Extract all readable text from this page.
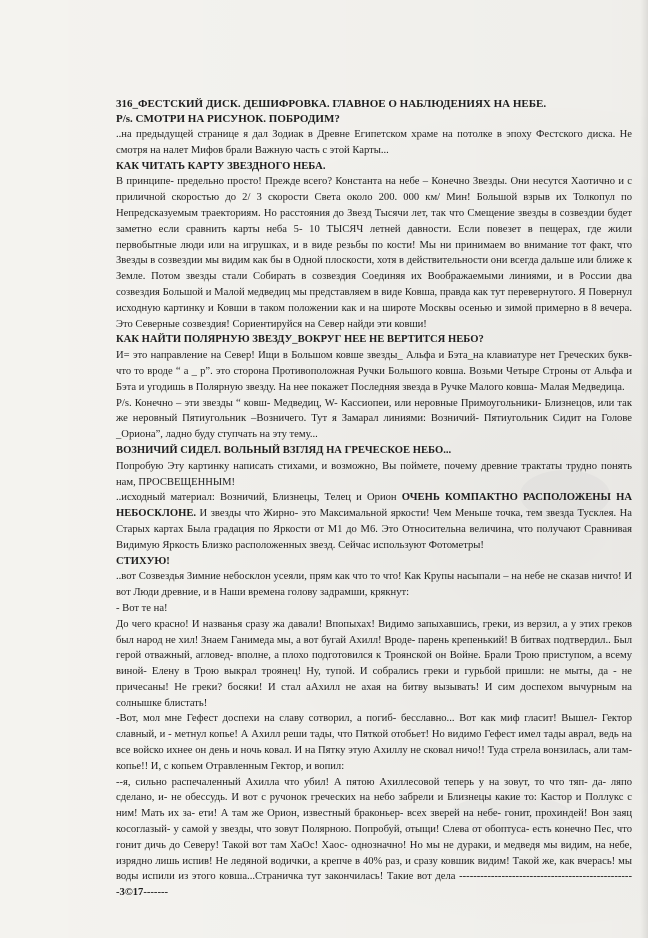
316_ФЕСТСКИЙ ДИСК. ДЕШИФРОВКА. ГЛАВНОЕ О НАБЛЮДЕНИЯХ НА НЕБЕ.
P/s. СМОТРИ НА РИСУНОК. ПОБРОДИМ?
..на предыдущей странице я дал Зодиак в Древне Египетском храме на потолке в эпоху Фестского диска. Не смотря на налет Мифов брали Важную часть с этой Карты...
КАК ЧИТАТЬ КАРТУ ЗВЕЗДНОГО НЕБА.
В принципе- предельно просто! Прежде всего? Константа на небе – Конечно Звезды. Они несутся Хаотично и с приличной скоростью до 2/ 3 скорости Света около 200. 000 км/ Мин! Большой взрыв их Толкопул по Непредсказуемым траекториям. Но расстояния до Звезд Тысячи лет, так что Смещение звезды в созвездии будет заметно если сравнить карты неба 5- 10 ТЫСЯЧ летней давности. Если повезет в пещерах, где жили первобытные люди или на игрушках, и в виде резьбы по кости! Мы ни принимаем во внимание тот факт, что Звезды в созвездии мы видим как бы в Одной плоскости, хотя в действительности они всегда дальше или ближе к Земле. Потом звезды стали Собирать в созвездия Соединяя их Воображаемыми линиями, и в России два созвездия Большой и Малой медведиц мы представляем в виде Ковша, правда как тут перевернутого. Я Повернул исходную картинку и Ковши в таком положении как и на широте Москвы осенью и зимой примерно в 8 вечера. Это Северные созвездия! Сориентируйся на Север найди эти ковши!
КАК НАЙТИ ПОЛЯРНУЮ ЗВЕЗДУ_ВОКРУГ НЕЕ НЕ ВЕРТИТСЯ НЕБО?
И= это направление на Север! Ищи в Большом ковше звезды_ Альфа и Бэта_на клавиатуре нет Греческих букв- что то вроде “ а _ р”. это сторона Противоположная Ручки Большого ковша. Возьми Четыре Строны от Альфа и Бэта и угодишь в Полярную звезду. На нее покажет Последняя звезда в Ручке Малого ковша- Малая Медведица.
P/s. Конечно – эти звезды “ ковш- Медведиц, W- Кассиопеи, или неровные Примоугольники- Близнецов, или так же неровный Пятиугольник –Возничего. Тут я Замарал линиями: Возничий- Пятиугольник Сидит на Голове _Ориона”, ладно буду ступчать на эту тему...
ВОЗНИЧИЙ СИДЕЛ. ВОЛЬНЫЙ ВЗГЛЯД НА ГРЕЧЕСКОЕ НЕБО...
Попробую Эту картинку написать стихами, и возможно, Вы поймете, почему древние трактаты трудно понять нам, ПРОСВЕЩЕННЫМ!
..исходный материал: Возничий, Близнецы, Телец и Орион ОЧЕНЬ КОМПАКТНО РАСПОЛОЖЕНЫ НА НЕБОСКЛОНЕ. И звезды что Жирно- это Максимальной яркости! Чем Меньше точка, тем звезда Тусклея. На Старых картах Была градация по Яркости от М1 до М6. Это Относительна величина, что получают Сравнивая Видимую Яркость Близко расположенных звезд. Сейчас используют Фотометры!
СТИХУЮ!
..вот Созвездья Зимние небосклон усеяли, прям как что то что! Как Крупы насыпали – на небе не сказав ничто! И вот Люди древние, и в Наши времена голову задрамши, крякнут:
- Вот те на!
До чего красно! И названья сразу жа давали! Впопыхах! Видимо запыхавшись, греки, из верзил, а у этих греков был народ не хил! Знаем Ганимеда мы, а вот бугай Ахилл! Вроде- парень крепенький! В битвах подтвердил.. Был герой отважный, агловед- вполне, а плохо подготовился к Троянской он Войне. Брали Трою приступом, а всему виной- Елену в Трою выкрал троянец! Ну, тупой. И собрались греки и гурьбой пришли: не мыты, да - не причесаны! Не греки? босяки! И стал аАхилл не ахая на битву вызывать! И сим доспехом вычурным на солнышке блистать!
-Вот, мол мне Гефест доспехи на славу сотворил, а погиб- бесславно... Вот как миф гласит! Вышел- Гектор славный, и - метнул копье! А Ахилл реши тады, что Пяткой отобьет! Но видимо Гефест имел тады аврал, ведь на все войско ихнее он день и ночь ковал. И на Пятку этую Ахиллу не сковал ничо!! Туда стрела вонзилась, али там- копье!! И, с копьем Отравленным Гектор, и вопил:
--я, сильно распечаленный Ахилла что убил! А пятою Ахиллесовой теперь у на зовут, то что тяп- да- ляпо сделано, и- не обессудь. И вот с ручонок греческих на небо забрели и Близнецы какие то: Кастор и Поллукс с ним! Мать их за- ети! А там же Орион, известный браконьер- всех зверей на небе- гонит, прохиндей! Вон заяц косоглазый- у самой у звезды, что зовут Полярною. Попробуй, отыщи! Слева от обоптуса- есть конечно Пес, что гонит дичь до Северу! Такой вот там ХаОс! Хаос- однозначно! Но мы не дураки, и медведя мы видим, на небе, изрядно лишь испив! Не ледяной водички, а крепче в 40% раз, и сразу ковшик видим! Такой же, как вчерась! мы воды испили из этого ковша...Страничка тут закончилась! Такие вот дела --------------------------------------------------3©17-------
